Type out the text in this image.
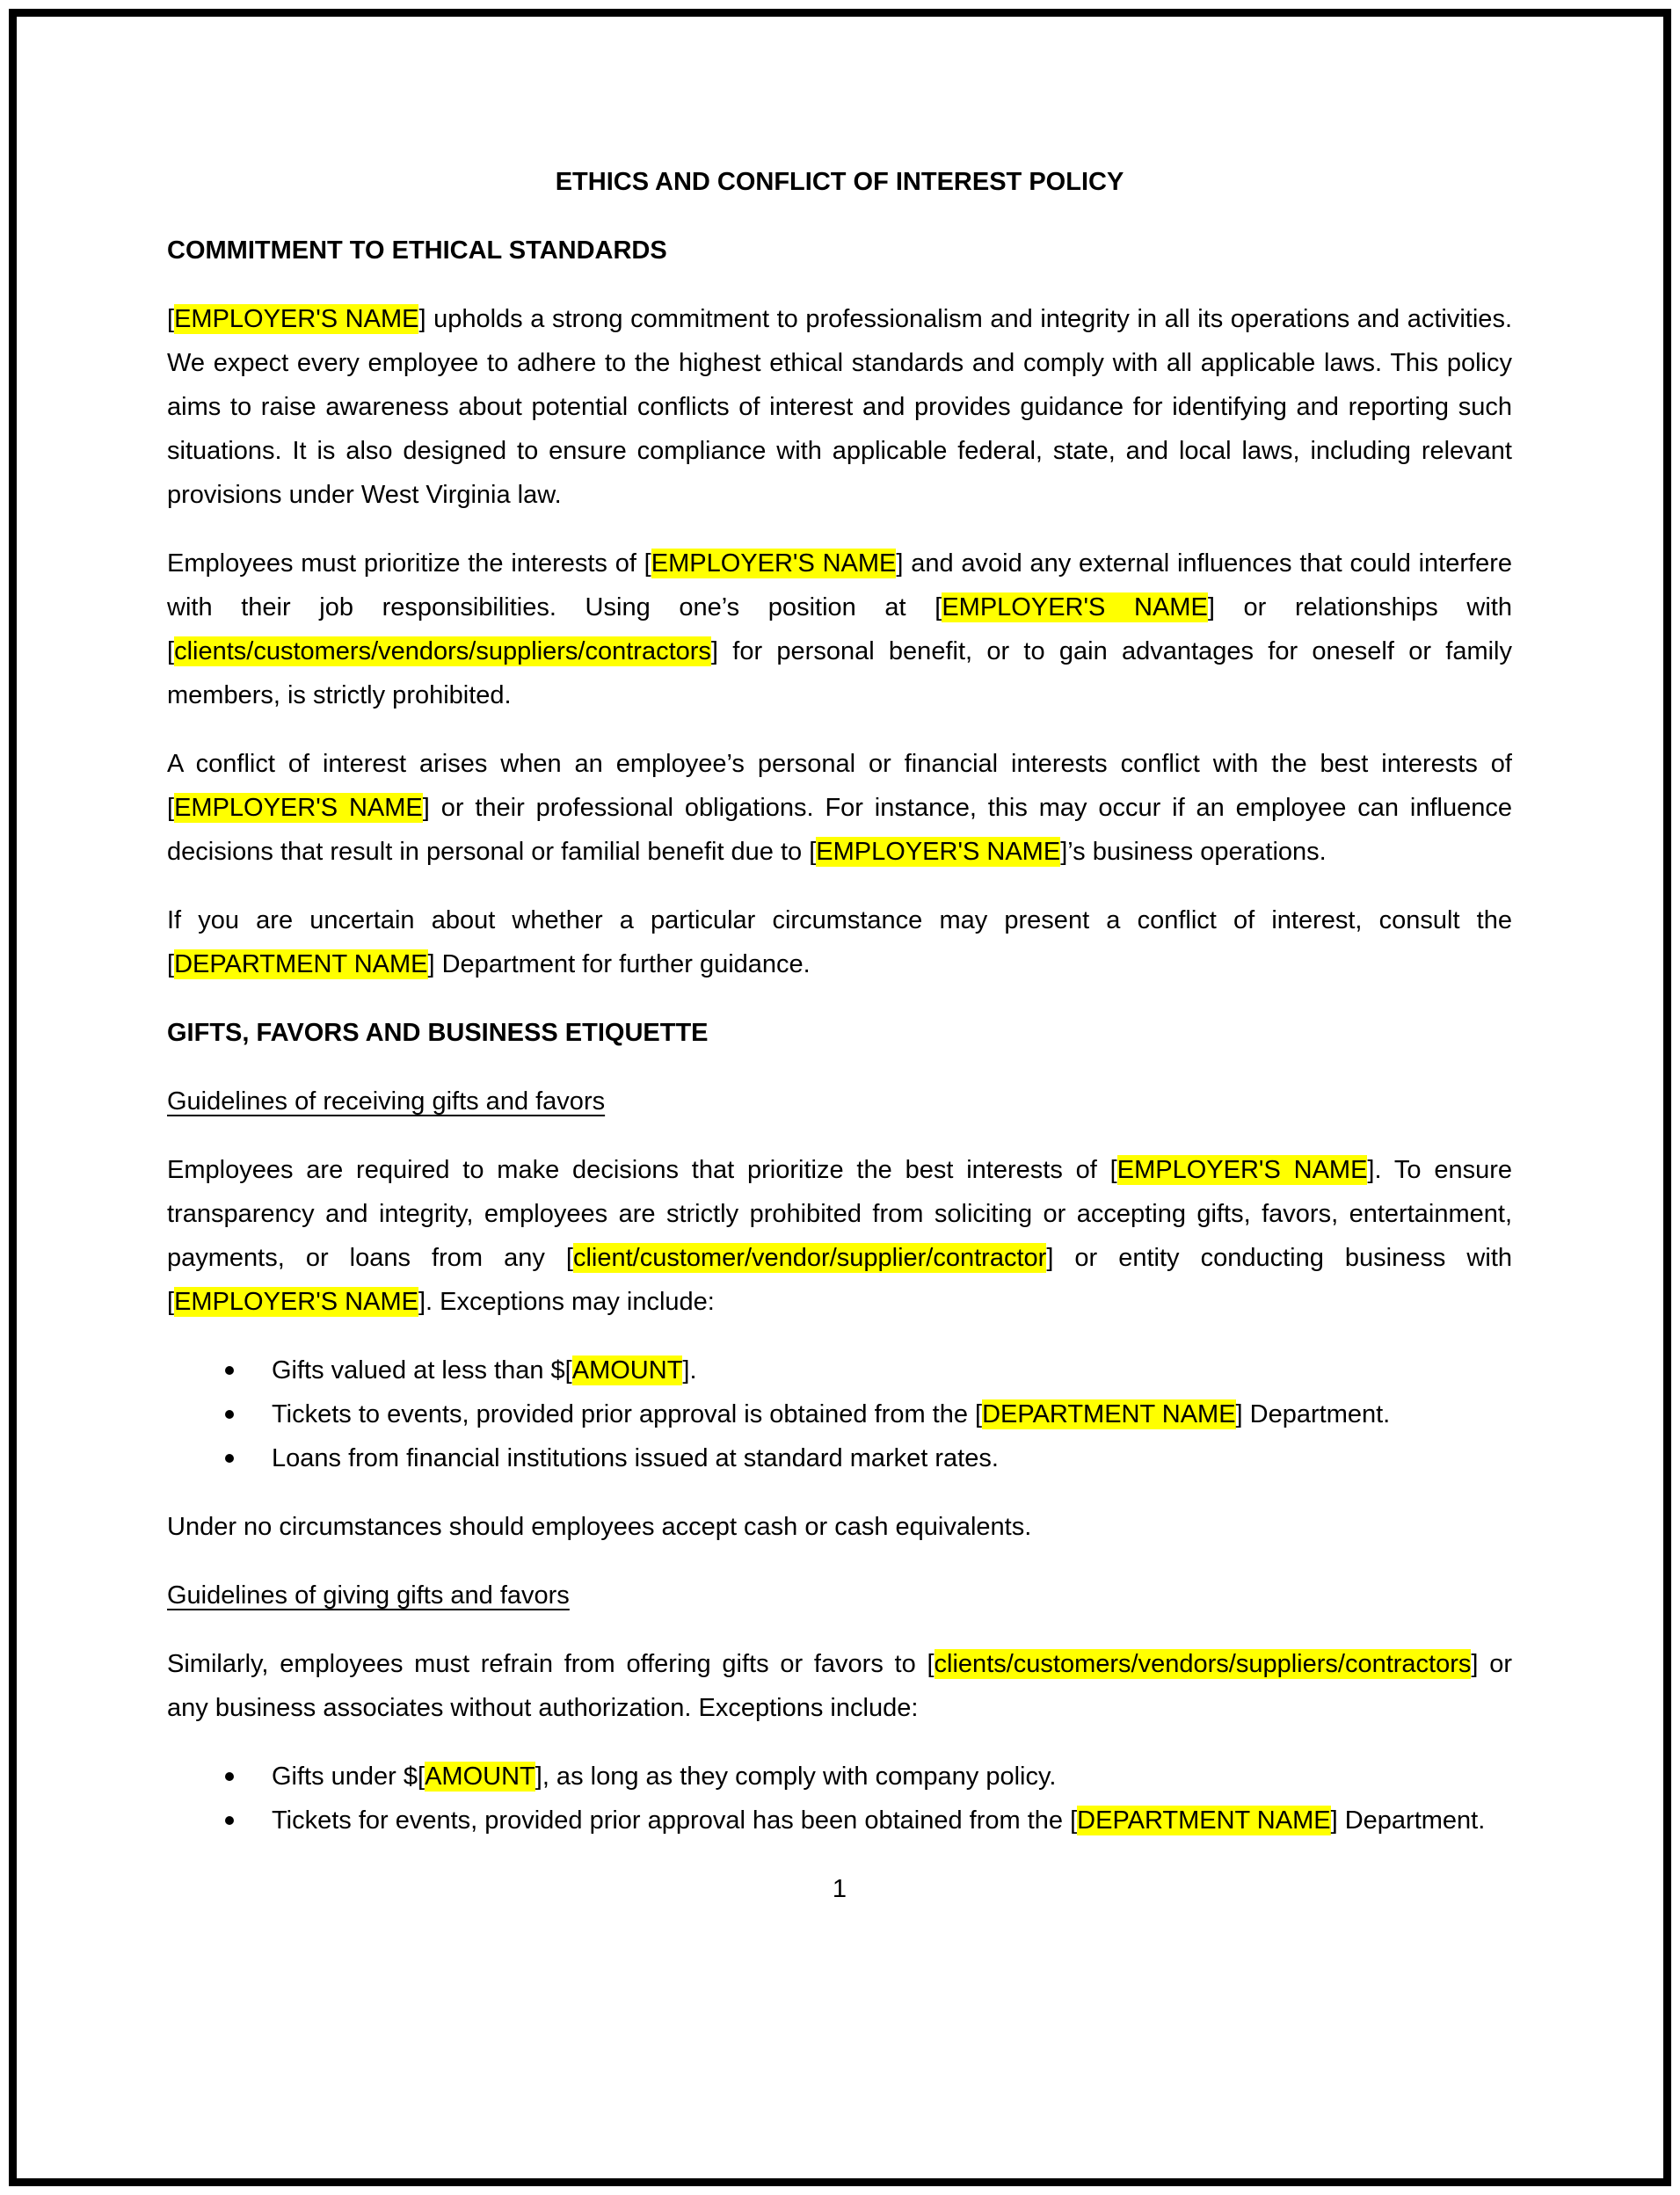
ETHICS AND CONFLICT OF INTEREST POLICY
COMMITMENT TO ETHICAL STANDARDS

[EMPLOYER'S NAME] upholds a strong commitment to professionalism and integrity in all its operations and activities. We expect every employee to adhere to the highest ethical standards and comply with all applicable laws. This policy aims to raise awareness about potential conflicts of interest and provides guidance for identifying and reporting such situations. It is also designed to ensure compliance with applicable federal, state, and local laws, including relevant provisions under West Virginia law.

Employees must prioritize the interests of [EMPLOYER'S NAME] and avoid any external influences that could interfere with their job responsibilities. Using one’s position at [EMPLOYER'S NAME] or relationships with [clients/customers/vendors/suppliers/contractors] for personal benefit, or to gain advantages for oneself or family members, is strictly prohibited.

A conflict of interest arises when an employee’s personal or financial interests conflict with the best interests of [EMPLOYER'S NAME] or their professional obligations. For instance, this may occur if an employee can influence decisions that result in personal or familial benefit due to [EMPLOYER'S NAME]’s business operations.

If you are uncertain about whether a particular circumstance may present a conflict of interest, consult the [DEPARTMENT NAME] Department for further guidance.

GIFTS, FAVORS AND BUSINESS ETIQUETTE
Guidelines of receiving gifts and favors

Employees are required to make decisions that prioritize the best interests of [EMPLOYER'S NAME]. To ensure transparency and integrity, employees are strictly prohibited from soliciting or accepting gifts, favors, entertainment, payments, or loans from any [client/customer/vendor/supplier/contractor] or entity conducting business with [EMPLOYER'S NAME]. Exceptions may include:

Gifts valued at less than $[AMOUNT].
Tickets to events, provided prior approval is obtained from the [DEPARTMENT NAME] Department.
Loans from financial institutions issued at standard market rates.

Under no circumstances should employees accept cash or cash equivalents.

Guidelines of giving gifts and favors

Similarly, employees must refrain from offering gifts or favors to [clients/customers/vendors/suppliers/contractors] or any business associates without authorization. Exceptions include:

Gifts under $[AMOUNT], as long as they comply with company policy.
Tickets for events, provided prior approval has been obtained from the [DEPARTMENT NAME] Department.
1
